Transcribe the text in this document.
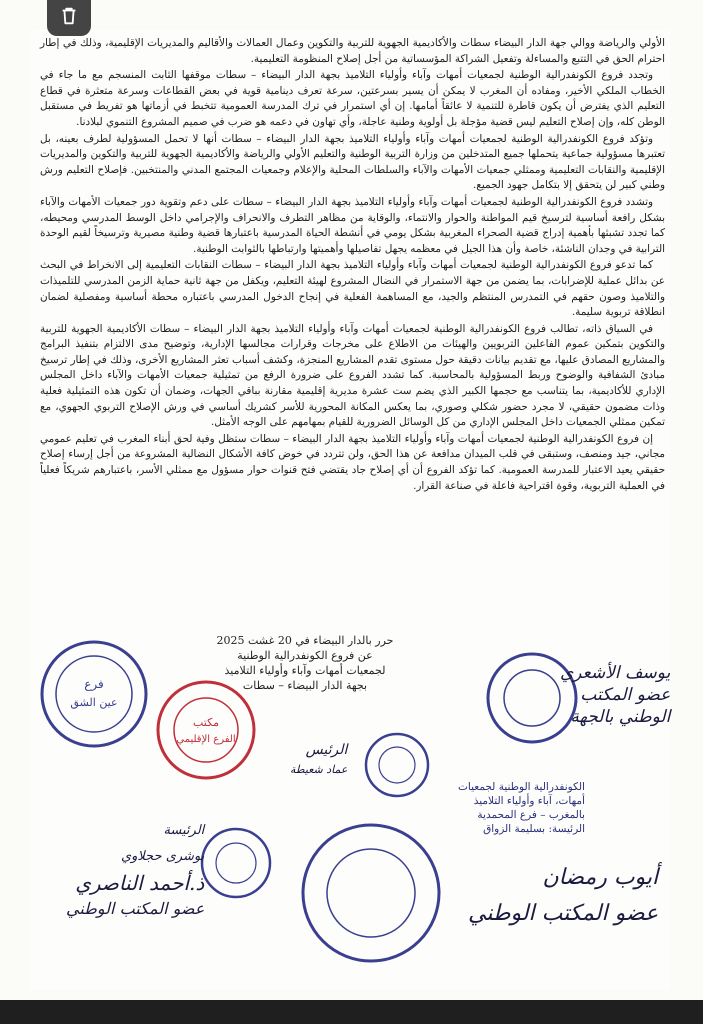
الأولي والرياضة ووالي جهة الدار البيضاء سطات والأكاديمية الجهوية للتربية والتكوين وعمال العمالات والأقاليم والمديريات الإقليمية، وذلك في إطار احترام الحق في التتبع والمساءلة وتفعيل الشراكة المؤسساتية من أجل إصلاح المنظومة التعليمية.

وتجدد فروع الكونفدرالية الوطنية لجمعيات أمهات وآباء وأولياء التلاميذ بجهة الدار البيضاء – سطات موقفها الثابت المنسجم مع ما جاء في الخطاب الملكي الأخير، ومفاده أن المغرب لا يمكن أن يسير بسرعتين، سرعة تعرف دينامية قوية في بعض القطاعات وسرعة متعثرة في قطاع التعليم الذي يفترض أن يكون قاطرة للتنمية لا عائقاً أمامها. إن أي استمرار في ترك المدرسة العمومية تتخبط في أزماتها هو تفريط في مستقبل الوطن كله، وإن إصلاح التعليم ليس قضية مؤجلة بل أولوية وطنية عاجلة، وأي تهاون في دعمه هو ضرب في صميم المشروع التنموي لبلادنا.

وتؤكد فروع الكونفدرالية الوطنية لجمعيات أمهات وآباء وأولياء التلاميذ بجهة الدار البيضاء – سطات أنها لا تحمل المسؤولية لطرف بعينه، بل تعتبرها مسؤولية جماعية يتحملها جميع المتدخلين من وزارة التربية الوطنية والتعليم الأولي والرياضة والأكاديمية الجهوية للتربية والتكوين والمديريات الإقليمية والنقابات التعليمية وممثلي جمعيات الأمهات والآباء والسلطات المحلية والإعلام وجمعيات المجتمع المدني والمنتخبين. فإصلاح التعليم ورش وطني كبير لن يتحقق إلا بتكامل جهود الجميع.

وتشدد فروع الكونفدرالية الوطنية لجمعيات أمهات وآباء وأولياء التلاميذ بجهة الدار البيضاء – سطات على دعم وتقوية دور جمعيات الأمهات والآباء بشكل رافعة أساسية لترسيخ قيم المواطنة والحوار والانتماء، والوقاية من مظاهر التطرف والانحراف والإجرامي داخل الوسط المدرسي ومحيطه، كما تجدد تشبثها بأهمية إدراج قضية الصحراء المغربية بشكل يومي في أنشطة الحياة المدرسية باعتبارها قضية وطنية مصيرية وترسيخاً لقيم الوحدة الترابية في وجدان الناشئة، خاصة وأن هذا الجيل في معظمه يجهل تفاصيلها وأهميتها وارتباطها بالثوابت الوطنية.

كما تدعو فروع الكونفدرالية الوطنية لجمعيات أمهات وآباء وأولياء التلاميذ بجهة الدار البيضاء – سطات النقابات التعليمية إلى الانخراط في البحث عن بدائل عملية للإضرابات، بما يضمن من جهة الاستمرار في النضال المشروع لهيئة التعليم، ويكفل من جهة ثانية حماية الزمن المدرسي للتلميذات والتلاميذ وصون حقهم في التمدرس المنتظم والجيد، مع المساهمة الفعلية في إنجاح الدخول المدرسي باعتباره محطة أساسية ومفصلية لضمان انطلاقة تربوية سليمة.

في السياق ذاته، تطالب فروع الكونفدرالية الوطنية لجمعيات أمهات وآباء وأولياء التلاميذ بجهة الدار البيضاء – سطات الأكاديمية الجهوية للتربية والتكوين بتمكين عموم الفاعلين التربويين والهيئات من الاطلاع على مخرجات وقرارات مجالسها الإدارية، وتوضيح مدى الالتزام بتنفيذ البرامج والمشاريع المصادق عليها، مع تقديم بيانات دقيقة حول مستوى تقدم المشاريع المنجزة، وكشف أسباب تعثر المشاريع الأخرى، وذلك في إطار ترسيخ مبادئ الشفافية والوضوح وربط المسؤولية بالمحاسبة. كما تشدد الفروع على ضرورة الرفع من تمثيلية جمعيات الأمهات والآباء داخل المجلس الإداري للأكاديمية، بما يتناسب مع حجمها الكبير الذي يضم ست عشرة مديرية إقليمية مقارنة بباقي الجهات، وضمان أن تكون هذه التمثيلية فعلية وذات مضمون حقيقي، لا مجرد حضور شكلي وصوري، بما يعكس المكانة المحورية للأسر كشريك أساسي في ورش الإصلاح التربوي الجهوي، مع تمكين ممثلي الجمعيات داخل المجلس الإداري من كل الوسائل الضرورية للقيام بمهامهم على الوجه الأمثل.

إن فروع الكونفدرالية الوطنية لجمعيات أمهات وآباء وأولياء التلاميذ بجهة الدار البيضاء – سطات ستظل وفية لحق أبناء المغرب في تعليم عمومي مجاني، جيد ومنصف، وستبقى في قلب الميدان مدافعة عن هذا الحق، ولن تتردد في خوض كافة الأشكال النضالية المشروعة من أجل إرساء إصلاح حقيقي يعيد الاعتبار للمدرسة العمومية. كما تؤكد الفروع أن أي إصلاح جاد يقتضي فتح قنوات حوار مسؤول مع ممثلي الأسر، باعتبارهم شريكاً فعلياً في العملية التربوية، وقوة اقتراحية فاعلة في صناعة القرار.

حرر بالدار البيضاء في 20 غشت 2025
عن فروع الكونفدرالية الوطنية
لجمعيات أمهات وآباء وأولياء التلاميذ
بجهة الدار البيضاء – سطات
فرع
عين الشق
مكتب
الفرع الإقليمي
يوسف الأشعري
عضو المكتب
الوطني بالجهة
الرئيس
عماد شعيطة
الكونفدرالية الوطنية لجمعيات
أمهات، آباء وأولياء التلاميذ
بالمغرب – فرع المحمدية
الرئيسة: بسليمة الزواق
الرئيسة
بوشرى حجلاوي
ذ.أحمد الناصري
عضو المكتب الوطني
أيوب رمضان
عضو المكتب الوطني
